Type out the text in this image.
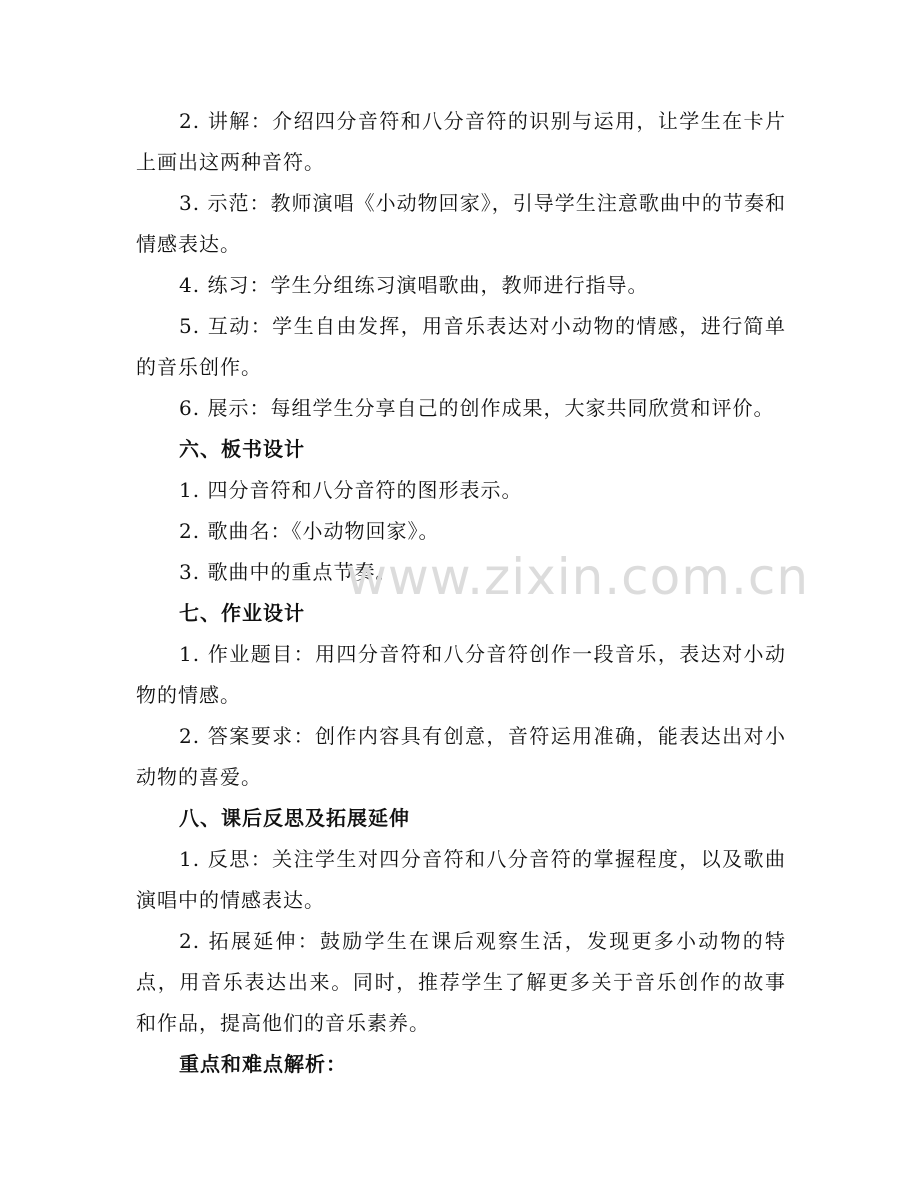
2. 讲解：介绍四分音符和八分音符的识别与运用，让学生在卡片上画出这两种音符。

3. 示范：教师演唱《小动物回家》，引导学生注意歌曲中的节奏和情感表达。

4. 练习：学生分组练习演唱歌曲，教师进行指导。

5. 互动：学生自由发挥，用音乐表达对小动物的情感，进行简单的音乐创作。

6. 展示：每组学生分享自己的创作成果，大家共同欣赏和评价。

六、板书设计

1. 四分音符和八分音符的图形表示。

2. 歌曲名：《小动物回家》。

3. 歌曲中的重点节奏。

七、作业设计

1. 作业题目：用四分音符和八分音符创作一段音乐，表达对小动物的情感。

2. 答案要求：创作内容具有创意，音符运用准确，能表达出对小动物的喜爱。

八、课后反思及拓展延伸

1. 反思：关注学生对四分音符和八分音符的掌握程度，以及歌曲演唱中的情感表达。

2. 拓展延伸：鼓励学生在课后观察生活，发现更多小动物的特点，用音乐表达出来。同时，推荐学生了解更多关于音乐创作的故事和作品，提高他们的音乐素养。

重点和难点解析：

www.zixin.com.cn
